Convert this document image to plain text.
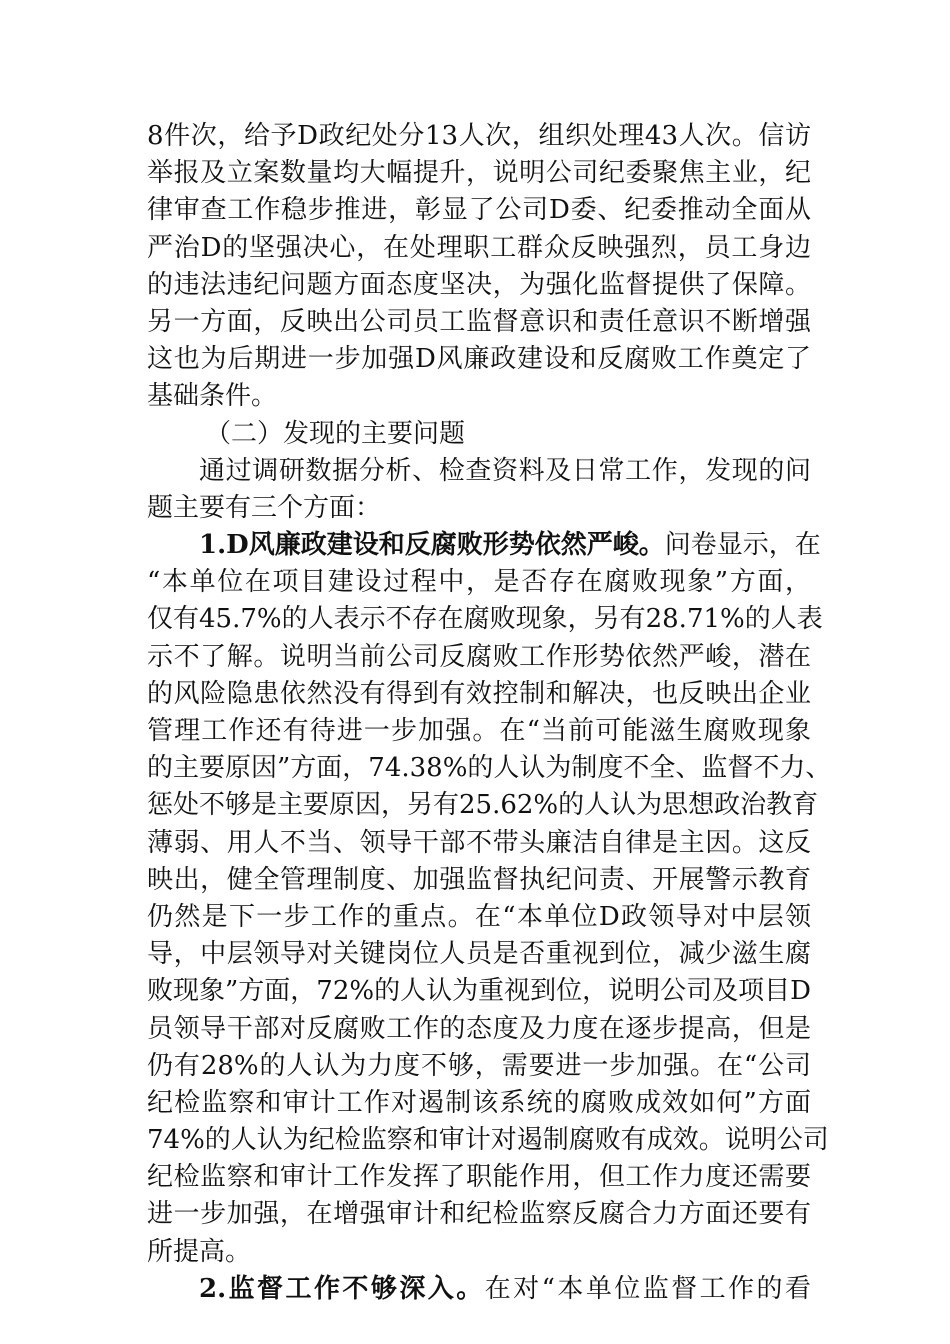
8件次，给予D政纪处分13人次，组织处理43人次。信访
举报及立案数量均大幅提升，说明公司纪委聚焦主业，纪
律审查工作稳步推进，彰显了公司D委、纪委推动全面从
严治D的坚强决心，在处理职工群众反映强烈，员工身边
的违法违纪问题方面态度坚决，为强化监督提供了保障。
另一方面，反映出公司员工监督意识和责任意识不断增强
这也为后期进一步加强D风廉政建设和反腐败工作奠定了
基础条件。
（二）发现的主要问题
通过调研数据分析、检查资料及日常工作，发现的问
题主要有三个方面：
1.D风廉政建设和反腐败形势依然严峻。问卷显示，在
“本单位在项目建设过程中，是否存在腐败现象”方面，
仅有45.7%的人表示不存在腐败现象，另有28.71%的人表
示不了解。说明当前公司反腐败工作形势依然严峻，潜在
的风险隐患依然没有得到有效控制和解决，也反映出企业
管理工作还有待进一步加强。在“当前可能滋生腐败现象
的主要原因”方面，74.38%的人认为制度不全、监督不力、
惩处不够是主要原因，另有25.62%的人认为思想政治教育
薄弱、用人不当、领导干部不带头廉洁自律是主因。这反
映出，健全管理制度、加强监督执纪问责、开展警示教育
仍然是下一步工作的重点。在“本单位D政领导对中层领
导，中层领导对关键岗位人员是否重视到位，减少滋生腐
败现象”方面，72%的人认为重视到位，说明公司及项目D
员领导干部对反腐败工作的态度及力度在逐步提高，但是
仍有28%的人认为力度不够，需要进一步加强。在“公司
纪检监察和审计工作对遏制该系统的腐败成效如何”方面
74%的人认为纪检监察和审计对遏制腐败有成效。说明公司
纪检监察和审计工作发挥了职能作用，但工作力度还需要
进一步加强，在增强审计和纪检监察反腐合力方面还要有
所提高。
2.监督工作不够深入。在对“本单位监督工作的看
